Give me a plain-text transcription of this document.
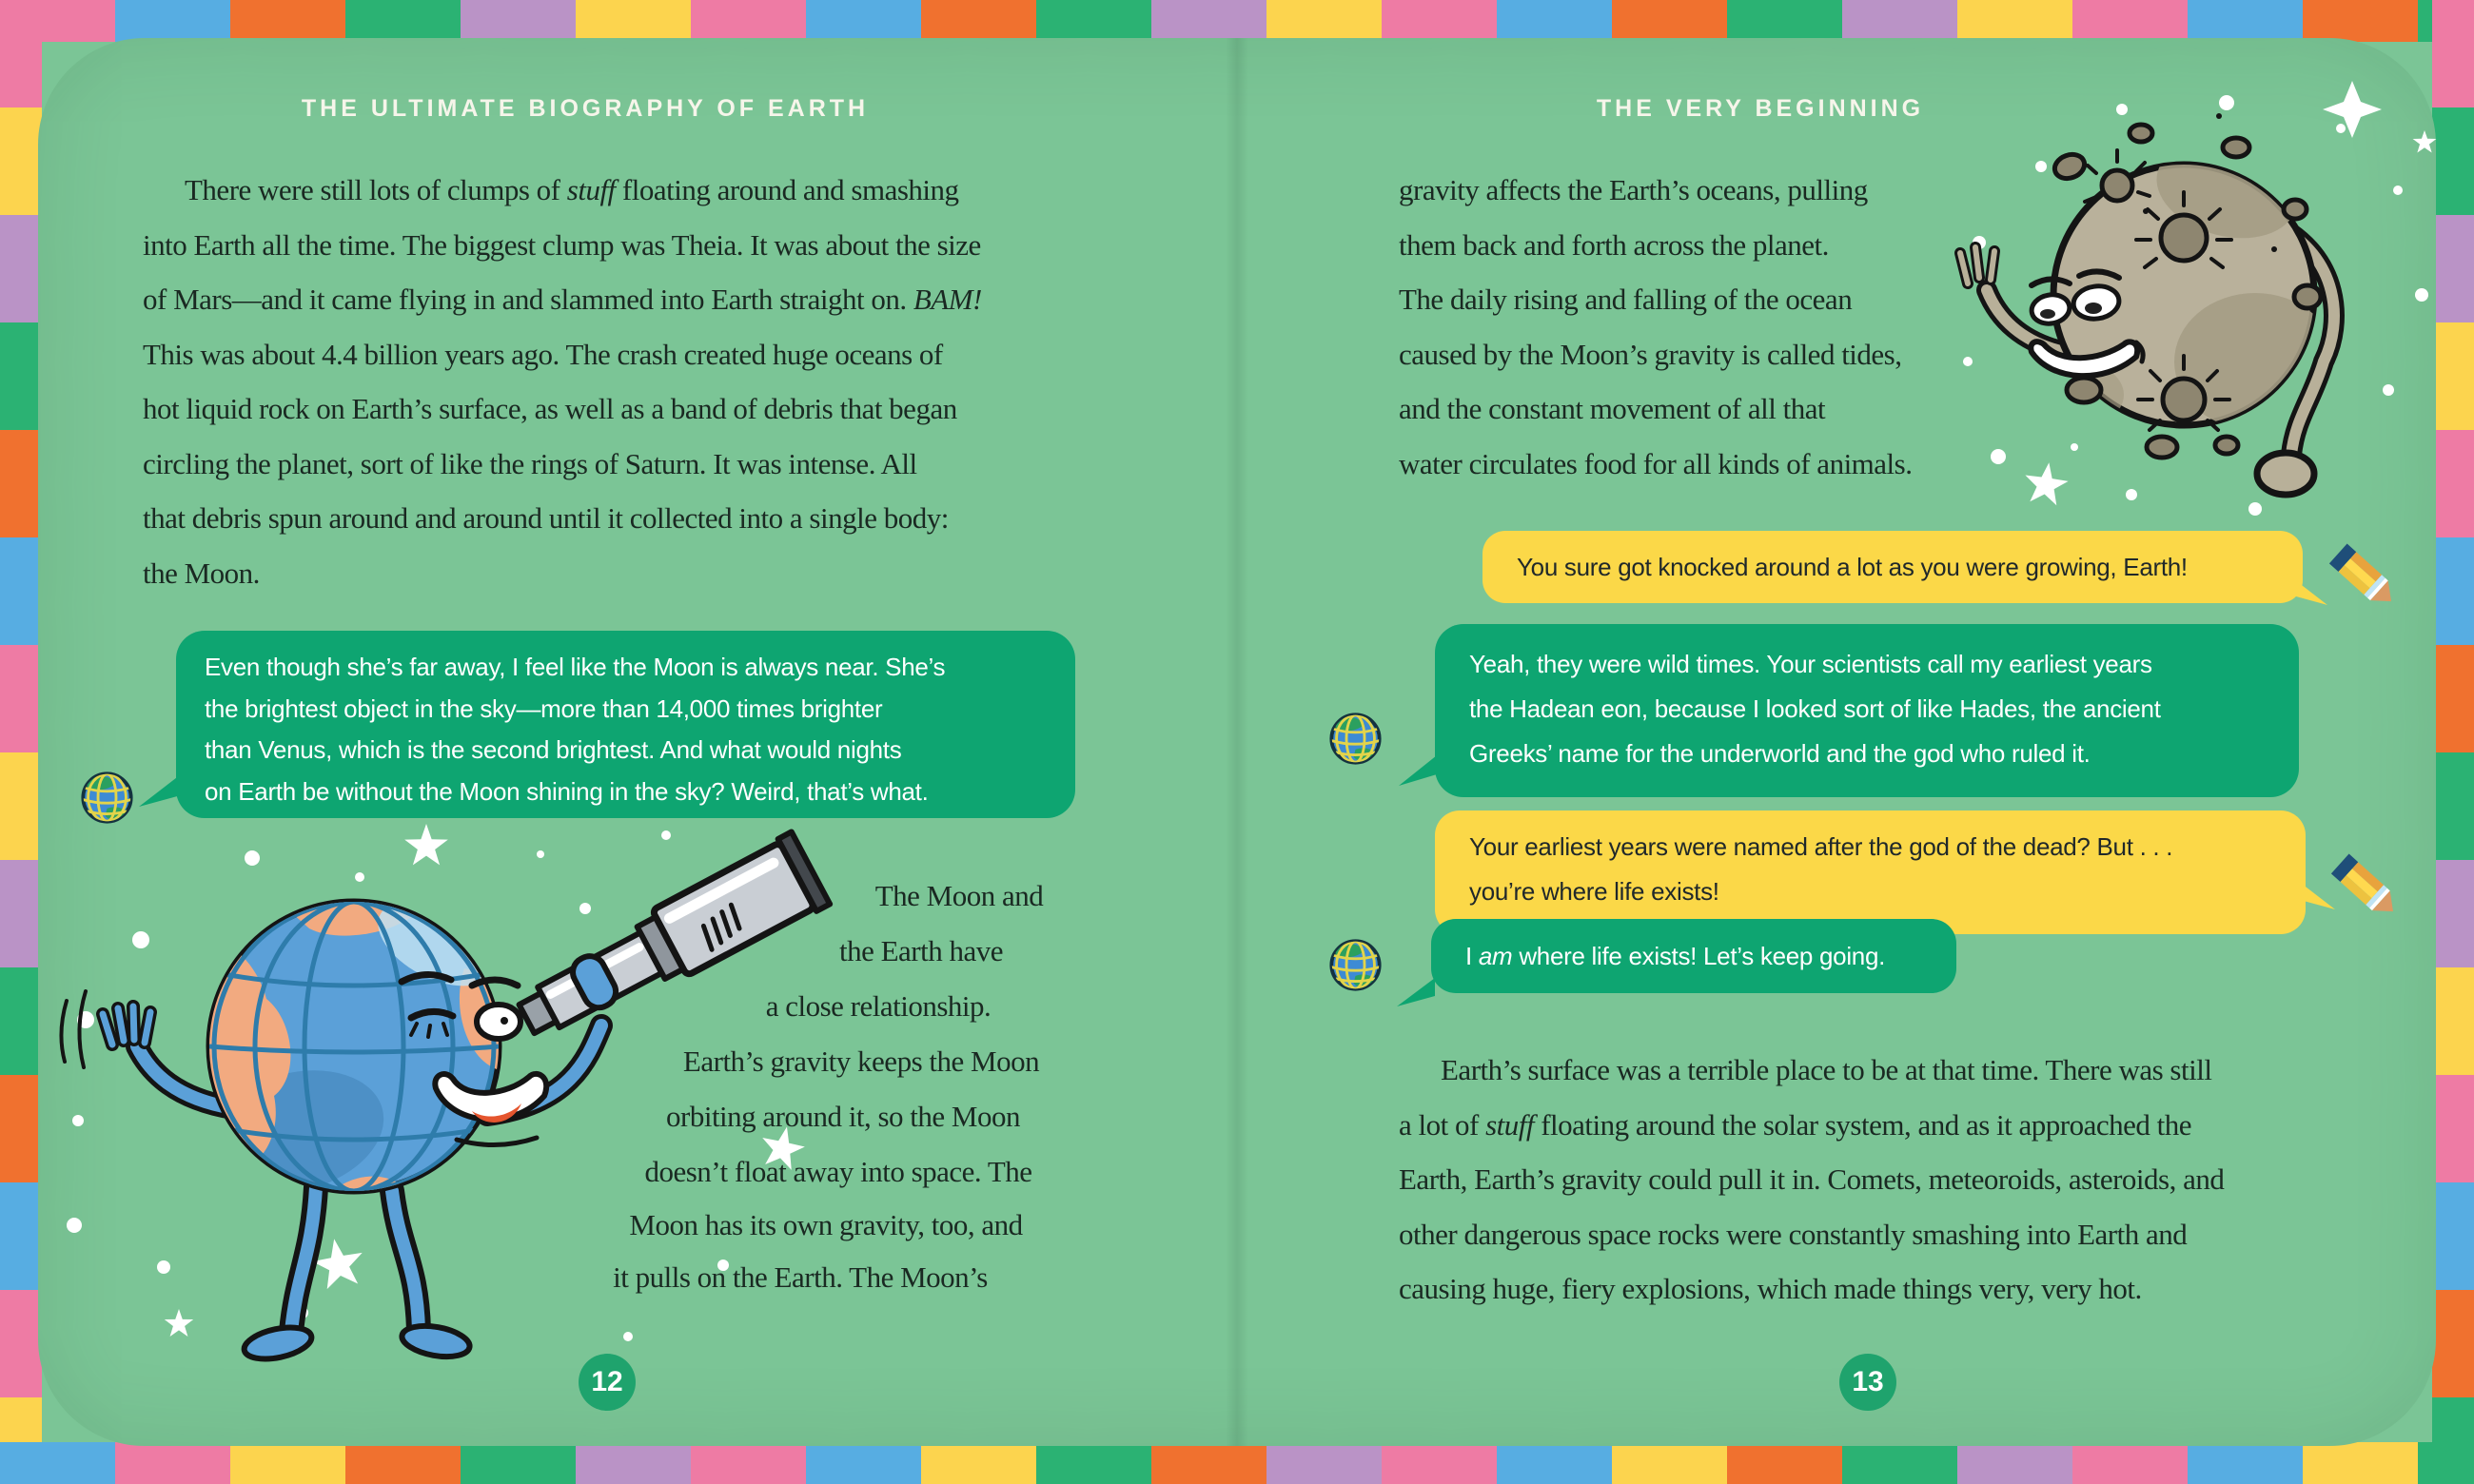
THE ULTIMATE BIOGRAPHY OF EARTH
There were still lots of clumps of stuff floating around and smashing
into Earth all the time. The biggest clump was Theia. It was about the size
of Mars—and it came flying in and slammed into Earth straight on. BAM!
This was about 4.4 billion years ago. The crash created huge oceans of
hot liquid rock on Earth’s surface, as well as a band of debris that began
circling the planet, sort of like the rings of Saturn. It was intense. All
that debris spun around and around until it collected into a single body:
the Moon.
Even though she’s far away, I feel like the Moon is always near. She’s
the brightest object in the sky—more than 14,000 times brighter
than Venus, which is the second brightest. And what would nights
on Earth be without the Moon shining in the sky? Weird, that’s what.
The Moon and
the Earth have
a close relationship.
Earth’s gravity keeps the Moon
orbiting around it, so the Moon
doesn’t float away into space. The
Moon has its own gravity, too, and
it pulls on the Earth. The Moon’s
12
THE VERY BEGINNING
gravity affects the Earth’s oceans, pulling
them back and forth across the planet.
The daily rising and falling of the ocean
caused by the Moon’s gravity is called tides,
and the constant movement of all that
water circulates food for all kinds of animals.
You sure got knocked around a lot as you were growing, Earth!
Yeah, they were wild times. Your scientists call my earliest years
the Hadean eon, because I looked sort of like Hades, the ancient
Greeks’ name for the underworld and the god who ruled it.
Your earliest years were named after the god of the dead? But . . .
you’re where life exists!
I am where life exists! Let’s keep going.
Earth’s surface was a terrible place to be at that time. There was still
a lot of stuff floating around the solar system, and as it approached the
Earth, Earth’s gravity could pull it in. Comets, meteoroids, asteroids, and
other dangerous space rocks were constantly smashing into Earth and
causing huge, fiery explosions, which made things very, very hot.
13
